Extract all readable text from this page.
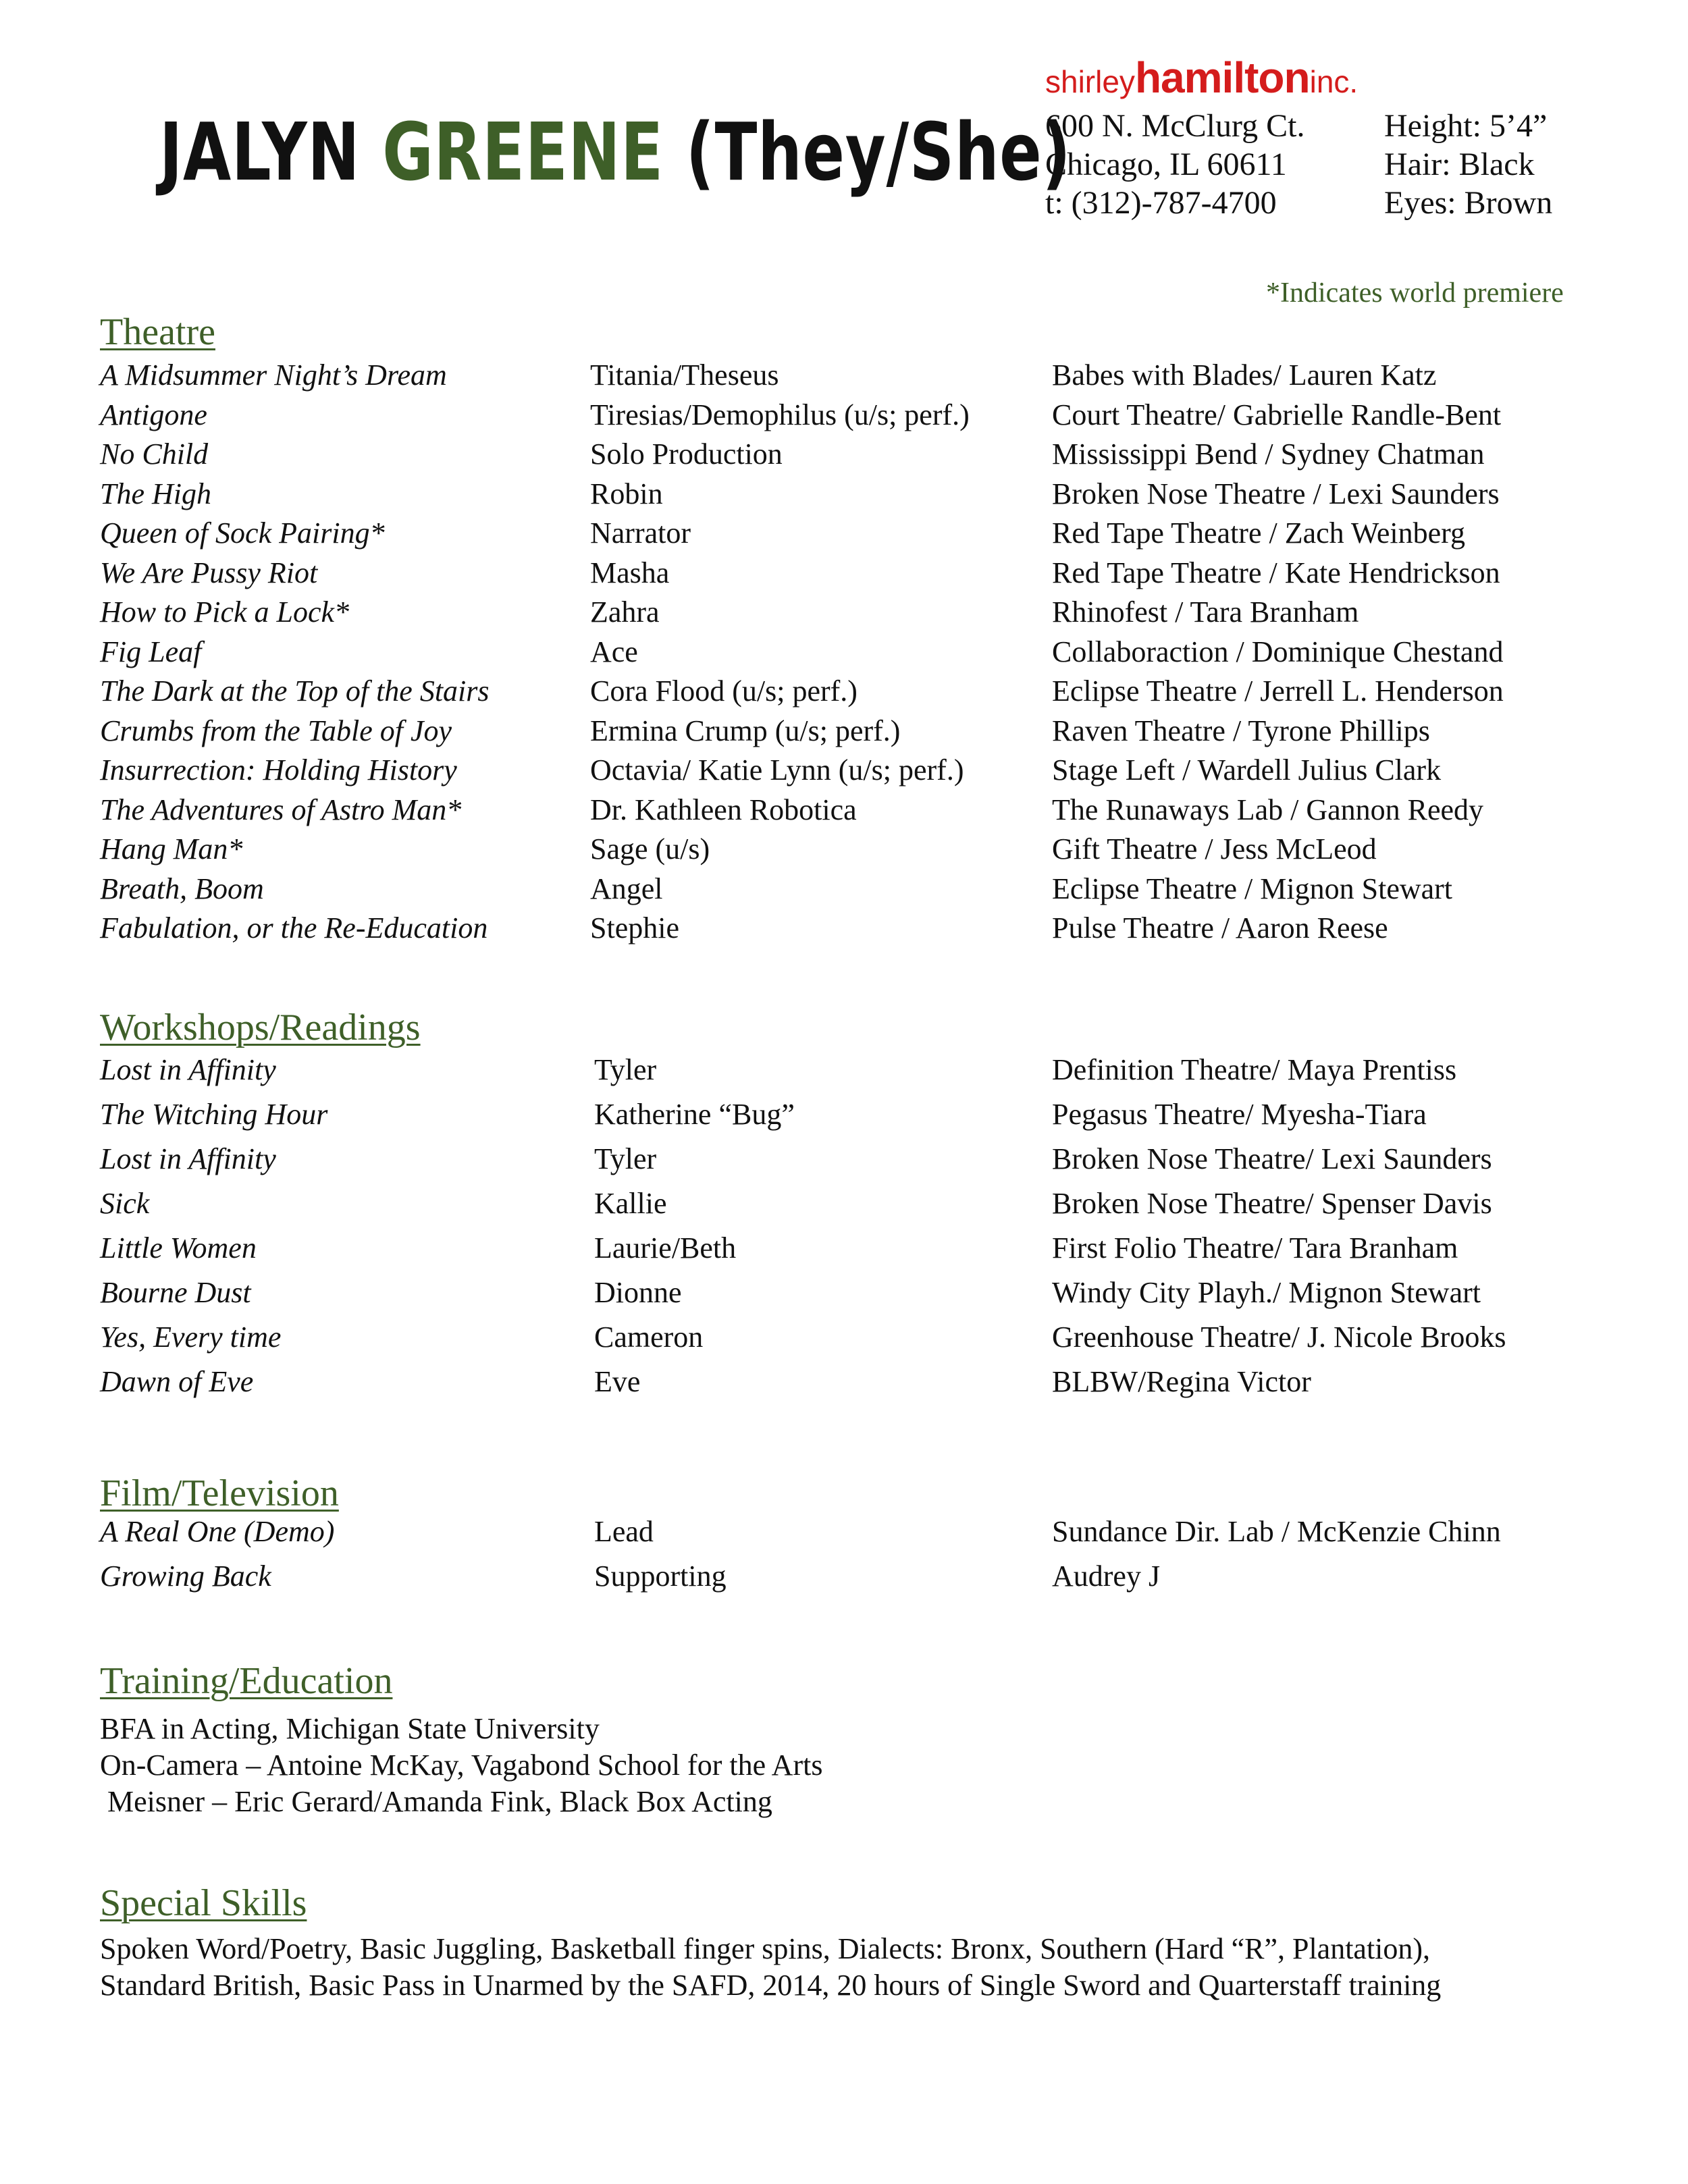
JALYN GREENE (They/She)
shirleyhamiltoninc.
600 N. McClurg Ct.
Chicago, IL 60611
t: (312)-787-4700
Height: 5’4”
Hair: Black
Eyes: Brown
*Indicates world premiere
Theatre
A Midsummer Night’s Dream	Titania/Theseus	Babes with Blades/ Lauren Katz
Antigone	Tiresias/Demophilus (u/s; perf.)	Court Theatre/ Gabrielle Randle-Bent
No Child	Solo Production	Mississippi Bend / Sydney Chatman
The High	Robin	Broken Nose Theatre / Lexi Saunders
Queen of Sock Pairing*	Narrator	Red Tape Theatre / Zach Weinberg
We Are Pussy Riot	Masha	Red Tape Theatre / Kate Hendrickson
How to Pick a Lock*	Zahra	Rhinofest / Tara Branham
Fig Leaf	Ace	Collaboraction / Dominique Chestand
The Dark at the Top of the Stairs	Cora Flood (u/s; perf.)	Eclipse Theatre / Jerrell L. Henderson
Crumbs from the Table of Joy	Ermina Crump (u/s; perf.)	Raven Theatre / Tyrone Phillips
Insurrection: Holding History	Octavia/ Katie Lynn (u/s; perf.)	Stage Left / Wardell Julius Clark
The Adventures of Astro Man*	Dr. Kathleen Robotica	The Runaways Lab / Gannon Reedy
Hang Man*	Sage (u/s)	Gift Theatre / Jess McLeod
Breath, Boom	Angel	Eclipse Theatre / Mignon Stewart
Fabulation, or the Re-Education	Stephie	Pulse Theatre / Aaron Reese
Workshops/Readings
Lost in Affinity	Tyler	Definition Theatre/ Maya Prentiss
The Witching Hour	Katherine “Bug”	Pegasus Theatre/ Myesha-Tiara
Lost in Affinity	Tyler	Broken Nose Theatre/ Lexi Saunders
Sick	Kallie	Broken Nose Theatre/ Spenser Davis
Little Women	Laurie/Beth	First Folio Theatre/ Tara Branham
Bourne Dust	Dionne	Windy City Playh./ Mignon Stewart
Yes, Every time	Cameron	Greenhouse Theatre/ J. Nicole Brooks
Dawn of Eve	Eve	BLBW/Regina Victor
Film/Television
A Real One (Demo)	Lead	Sundance Dir. Lab / McKenzie Chinn
Growing Back	Supporting	Audrey J
Training/Education
BFA in Acting, Michigan State University
On-Camera – Antoine McKay, Vagabond School for the Arts
Meisner – Eric Gerard/Amanda Fink, Black Box Acting
Special Skills
Spoken Word/Poetry, Basic Juggling, Basketball finger spins, Dialects: Bronx, Southern (Hard “R”, Plantation),
Standard British, Basic Pass in Unarmed by the SAFD, 2014, 20 hours of Single Sword and Quarterstaff training
